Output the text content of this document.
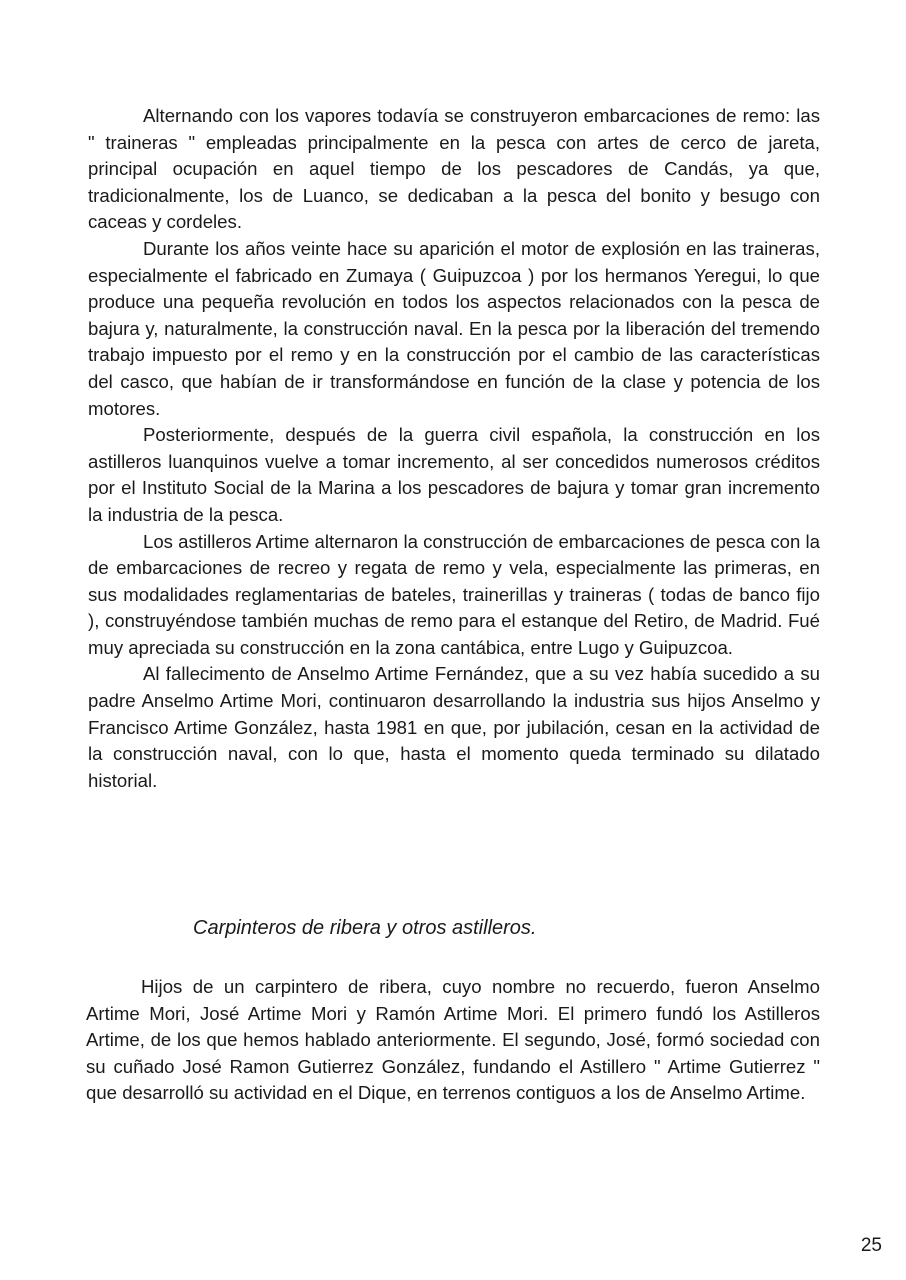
Alternando con los vapores todavía se construyeron embarcaciones de remo: las " traineras " empleadas principalmente en la pesca con artes de cerco de jareta, principal ocupación en aquel tiempo de los pescadores de Candás, ya que, tradicionalmente, los de Luanco, se dedicaban a la pesca del bonito y besugo con caceas y cordeles.

Durante los años veinte hace su aparición el motor de explosión en las traineras, especialmente el fabricado en Zumaya ( Guipuzcoa ) por los hermanos Yeregui, lo que produce una pequeña revolución en todos los aspectos relacionados con la pesca de bajura y, naturalmente, la construcción naval. En la pesca por la liberación del tremendo trabajo impuesto por el remo y en la construcción por el cambio de las características del casco, que habían de ir transformándose en función de la clase y potencia de los motores.

Posteriormente, después de la guerra civil española, la construcción en los astilleros luanquinos vuelve a tomar incremento, al ser concedidos numerosos créditos por el Instituto Social de la Marina a los pescadores de bajura y tomar gran incremento la industria de la pesca.

Los astilleros Artime alternaron la construcción de embarcaciones de pesca con la de embarcaciones de recreo y regata de remo y vela, especialmente las primeras, en sus modalidades reglamentarias de bateles, trainerillas y traineras ( todas de banco fijo ), construyéndose también muchas de remo para el estanque del Retiro, de Madrid. Fué muy apreciada su construcción en la zona cantábica, entre Lugo y Guipuzcoa.

Al fallecimento de Anselmo Artime Fernández, que a su vez había sucedido a su padre Anselmo Artime Mori, continuaron desarrollando la industria sus hijos Anselmo y Francisco Artime González, hasta 1981 en que, por jubilación, cesan en la actividad de la construcción naval, con lo que, hasta el momento queda terminado su dilatado historial.

Carpinteros de ribera y otros astilleros.

Hijos de un carpintero de ribera, cuyo nombre no recuerdo, fueron Anselmo Artime Mori, José Artime Mori y Ramón Artime Mori. El primero fundó los Astilleros Artime, de los que hemos hablado anteriormente. El segundo, José, formó sociedad con su cuñado José Ramon Gutierrez González, fundando el Astillero " Artime Gutierrez " que desarrolló su actividad en el Dique, en terrenos contiguos a los de Anselmo Artime.

25
